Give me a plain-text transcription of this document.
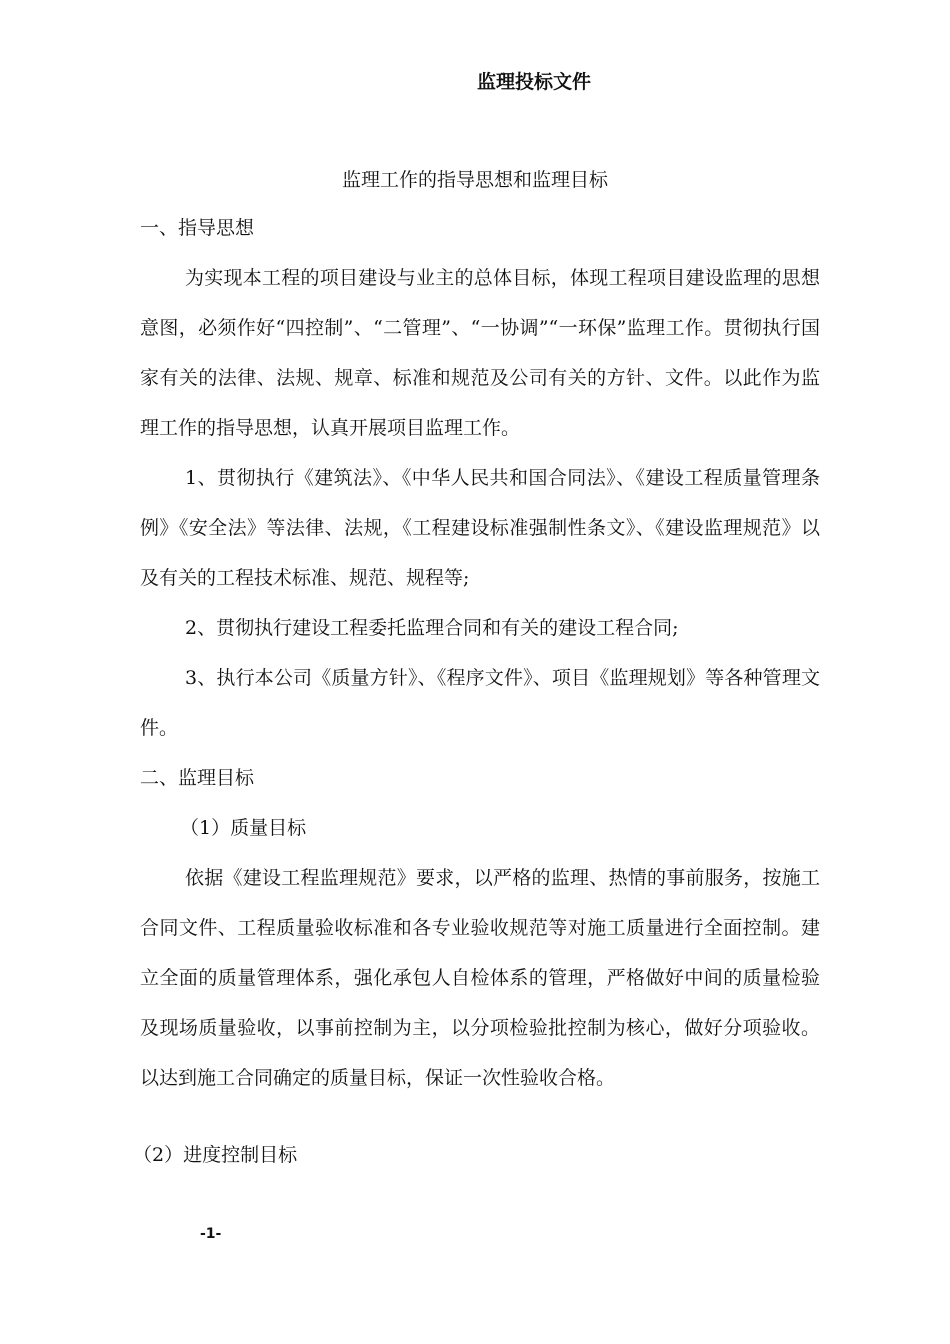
监理投标文件
监理工作的指导思想和监理目标
一、指导思想
为实现本工程的项目建设与业主的总体目标，体现工程项目建设监理的思想意图，必须作好“四控制”、“二管理”、“一协调”“一环保”监理工作。贯彻执行国家有关的法律、法规、规章、标准和规范及公司有关的方针、文件。以此作为监理工作的指导思想，认真开展项目监理工作。
1、贯彻执行《建筑法》、《中华人民共和国合同法》、《建设工程质量管理条例》《安全法》等法律、法规，《工程建设标准强制性条文》、《建设监理规范》以及有关的工程技术标准、规范、规程等;
2、贯彻执行建设工程委托监理合同和有关的建设工程合同;
3、执行本公司《质量方针》、《程序文件》、项目《监理规划》等各种管理文件。
二、监理目标
（1）质量目标
依据《建设工程监理规范》要求，以严格的监理、热情的事前服务，按施工合同文件、工程质量验收标准和各专业验收规范等对施工质量进行全面控制。建立全面的质量管理体系，强化承包人自检体系的管理，严格做好中间的质量检验及现场质量验收，以事前控制为主，以分项检验批控制为核心，做好分项验收。以达到施工合同确定的质量目标，保证一次性验收合格。
（2）进度控制目标
-1-
